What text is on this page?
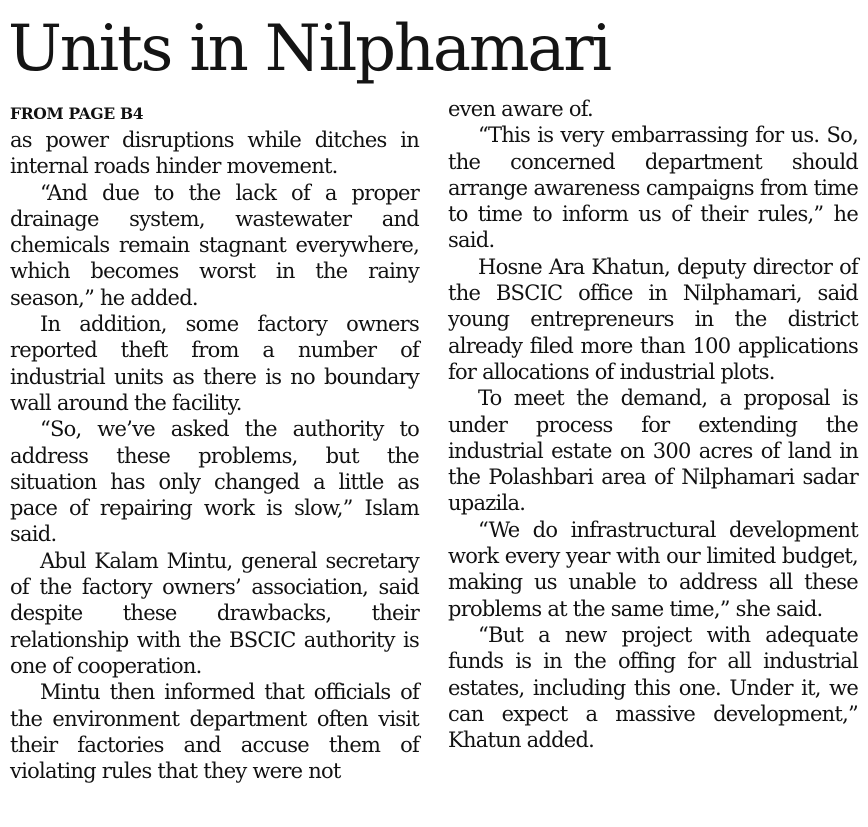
Units in Nilphamari
FROM PAGE B4

as power disruptions while ditches in internal roads hinder movement.

“And due to the lack of a proper drainage system, wastewater and chemicals remain stagnant everywhere, which becomes worst in the rainy season,” he added.

In addition, some factory owners reported theft from a number of industrial units as there is no boundary wall around the facility.

“So, we’ve asked the authority to address these problems, but the situation has only changed a little as pace of repairing work is slow,” Islam said.

Abul Kalam Mintu, general secretary of the factory owners’ association, said despite these drawbacks, their relationship with the BSCIC authority is one of cooperation.

Mintu then informed that officials of the environment department often visit their factories and accuse them of violating rules that they were not

even aware of.

“This is very embarrassing for us. So, the concerned department should arrange awareness campaigns from time to time to inform us of their rules,” he said.

Hosne Ara Khatun, deputy director of the BSCIC office in Nilphamari, said young entrepreneurs in the district already filed more than 100 applications for allocations of industrial plots.

To meet the demand, a proposal is under process for extending the industrial estate on 300 acres of land in the Polashbari area of Nilphamari sadar upazila.

“We do infrastructural development work every year with our limited budget, making us unable to address all these problems at the same time,” she said.

“But a new project with adequate funds is in the offing for all industrial estates, including this one. Under it, we can expect a massive development,” Khatun added.
